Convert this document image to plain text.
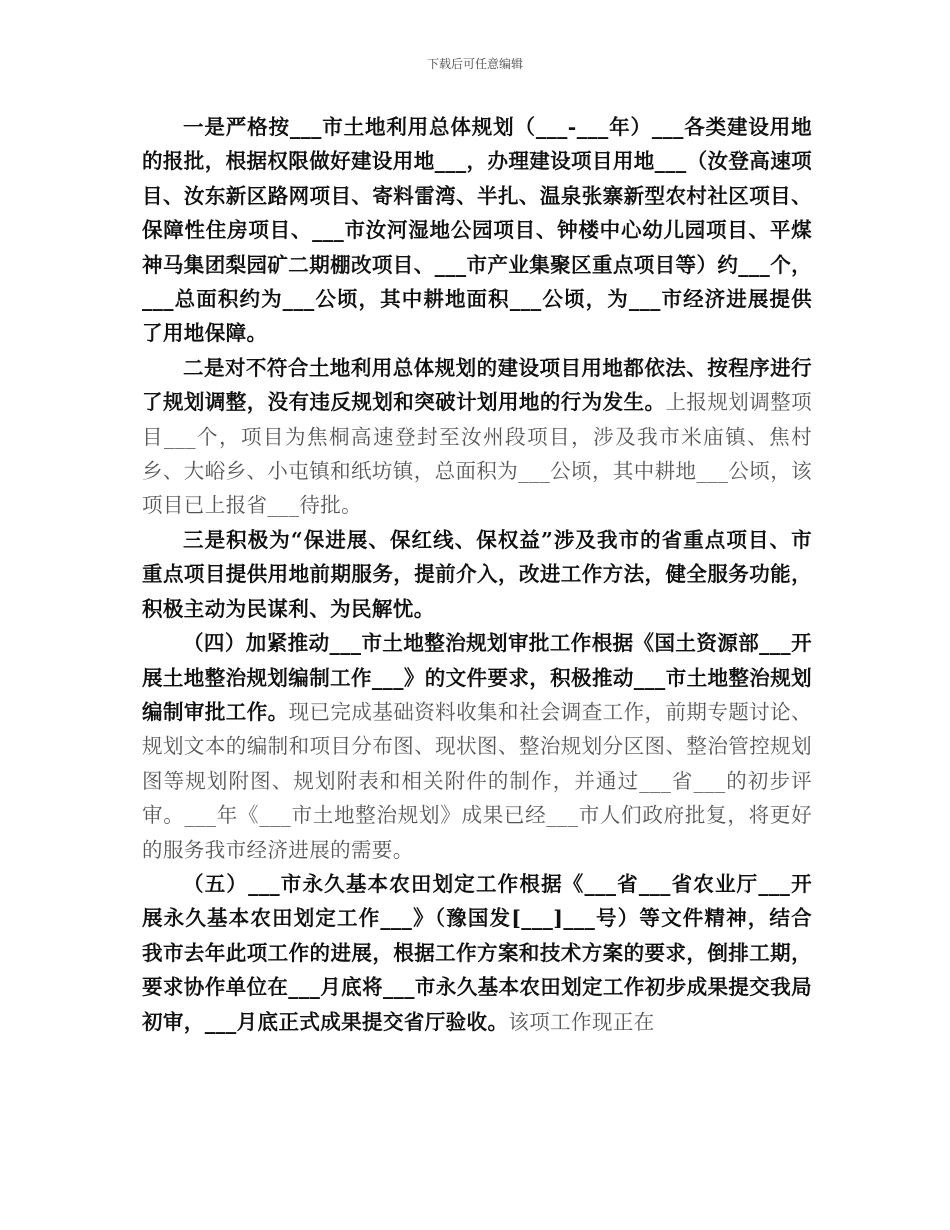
下载后可任意编辑

一是严格按___市土地利用总体规划（___-___年）___各类建设用地的报批，根据权限做好建设用地___，办理建设项目用地___（汝登高速项目、汝东新区路网项目、寄料雷湾、半扎、温泉张寨新型农村社区项目、保障性住房项目、___市汝河湿地公园项目、钟楼中心幼儿园项目、平煤神马集团梨园矿二期棚改项目、___市产业集聚区重点项目等）约___个，___总面积约为___公顷，其中耕地面积___公顷，为___市经济进展提供了用地保障。

二是对不符合土地利用总体规划的建设项目用地都依法、按程序进行了规划调整，没有违反规划和突破计划用地的行为发生。上报规划调整项目___个，项目为焦桐高速登封至汝州段项目，涉及我市米庙镇、焦村乡、大峪乡、小屯镇和纸坊镇，总面积为___公顷，其中耕地___公顷，该项目已上报省___待批。

三是积极为“保进展、保红线、保权益”涉及我市的省重点项目、市重点项目提供用地前期服务，提前介入，改进工作方法，健全服务功能，积极主动为民谋利、为民解忧。

（四）加紧推动___市土地整治规划审批工作根据《国土资源部___开展土地整治规划编制工作___》的文件要求，积极推动___市土地整治规划编制审批工作。现已完成基础资料收集和社会调查工作，前期专题讨论、规划文本的编制和项目分布图、现状图、整治规划分区图、整治管控规划图等规划附图、规划附表和相关附件的制作，并通过___省___的初步评审。___年《___市土地整治规划》成果已经___市人们政府批复，将更好的服务我市经济进展的需要。

（五）___市永久基本农田划定工作根据《___省___省农业厅___开展永久基本农田划定工作___》（豫国发[___]___号）等文件精神，结合我市去年此项工作的进展，根据工作方案和技术方案的要求，倒排工期，要求协作单位在___月底将___市永久基本农田划定工作初步成果提交我局初审，___月底正式成果提交省厅验收。该项工作现正在
